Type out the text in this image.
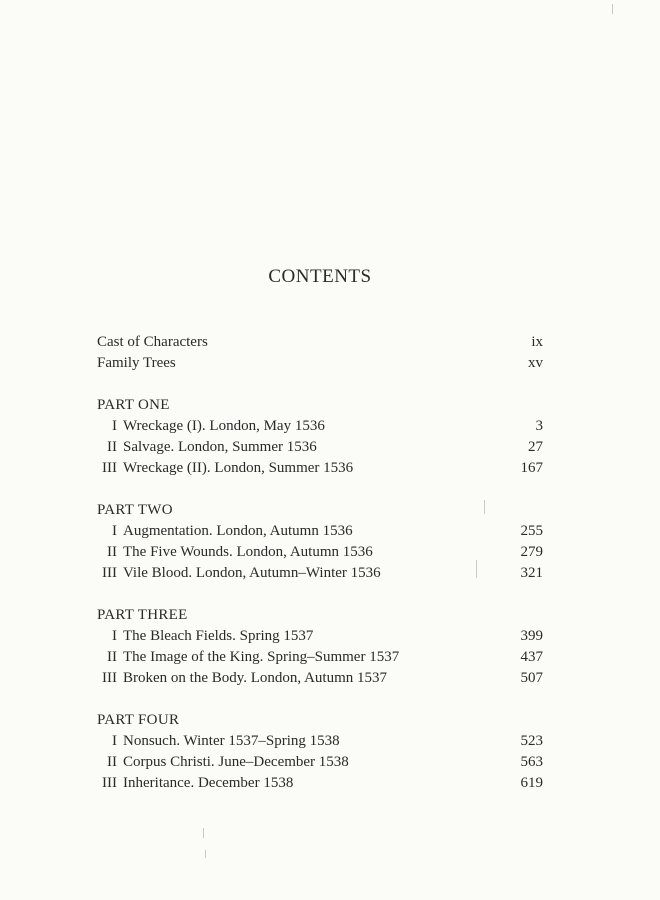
CONTENTS
Cast of Characters	ix
Family Trees	xv
PART ONE
I Wreckage (I). London, May 1536	3
II Salvage. London, Summer 1536	27
III Wreckage (II). London, Summer 1536	167
PART TWO
I Augmentation. London, Autumn 1536	255
II The Five Wounds. London, Autumn 1536	279
III Vile Blood. London, Autumn–Winter 1536	321
PART THREE
I The Bleach Fields. Spring 1537	399
II The Image of the King. Spring–Summer 1537	437
III Broken on the Body. London, Autumn 1537	507
PART FOUR
I Nonsuch. Winter 1537–Spring 1538	523
II Corpus Christi. June–December 1538	563
III Inheritance. December 1538	619
